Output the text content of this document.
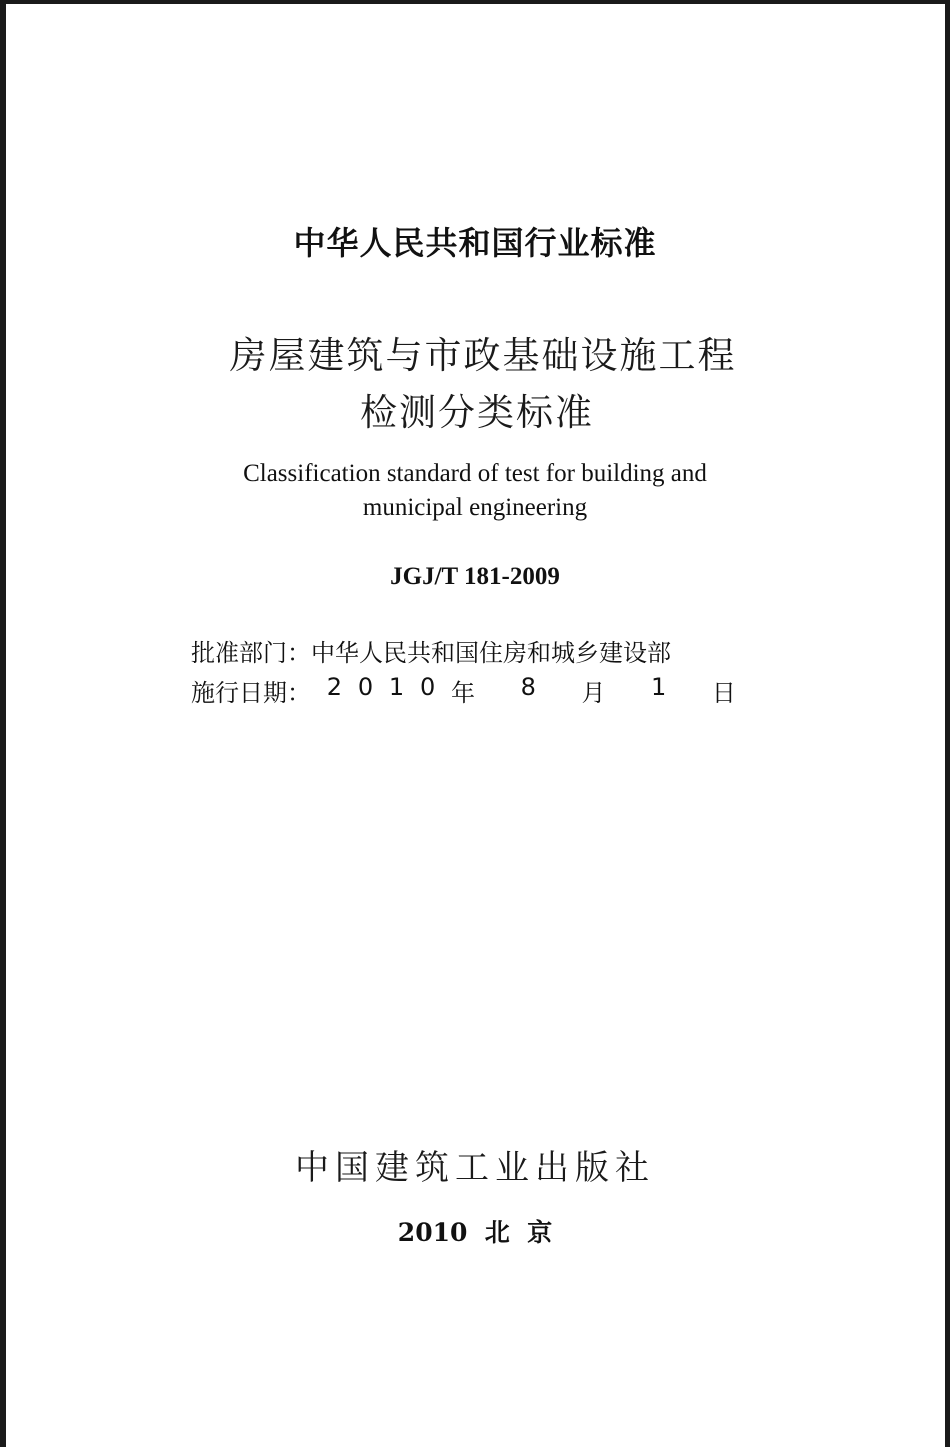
中华人民共和国行业标准
房屋建筑与市政基础设施工程
检测分类标准
Classification standard of test for building and
municipal engineering
JGJ/T 181-2009
批准部门：中华人民共和国住房和城乡建设部
施行日期： 2 0 1 0 年 8 月 1 日
中国建筑工业出版社
2010  北  京
